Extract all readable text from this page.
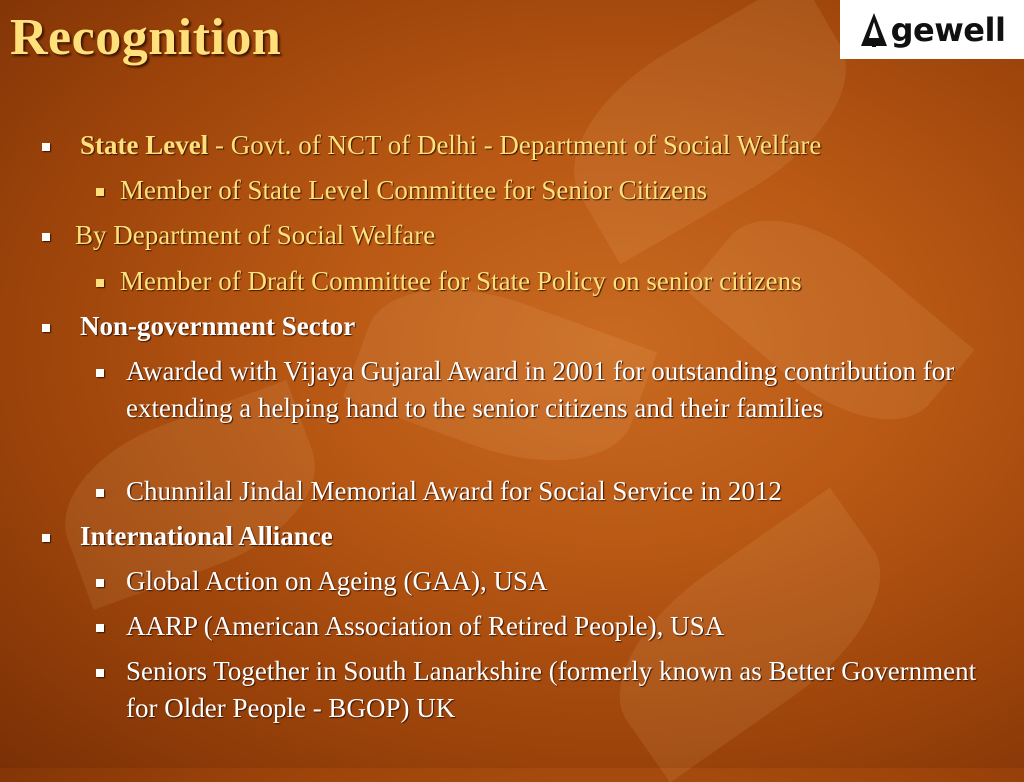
Recognition	gewell
State Level - Govt. of NCT of Delhi - Department of Social Welfare
Member of State Level Committee for Senior Citizens
By Department of Social Welfare
Member of Draft Committee for State Policy on senior citizens
Non-government Sector
Awarded with Vijaya Gujaral Award in 2001 for outstanding contribution for extending a helping hand to the senior citizens and their families
Chunnilal Jindal Memorial Award for Social Service in 2012
International Alliance
Global Action on Ageing (GAA), USA
AARP (American Association of Retired People), USA
Seniors Together in South Lanarkshire (formerly known as Better Government for Older People - BGOP) UK
